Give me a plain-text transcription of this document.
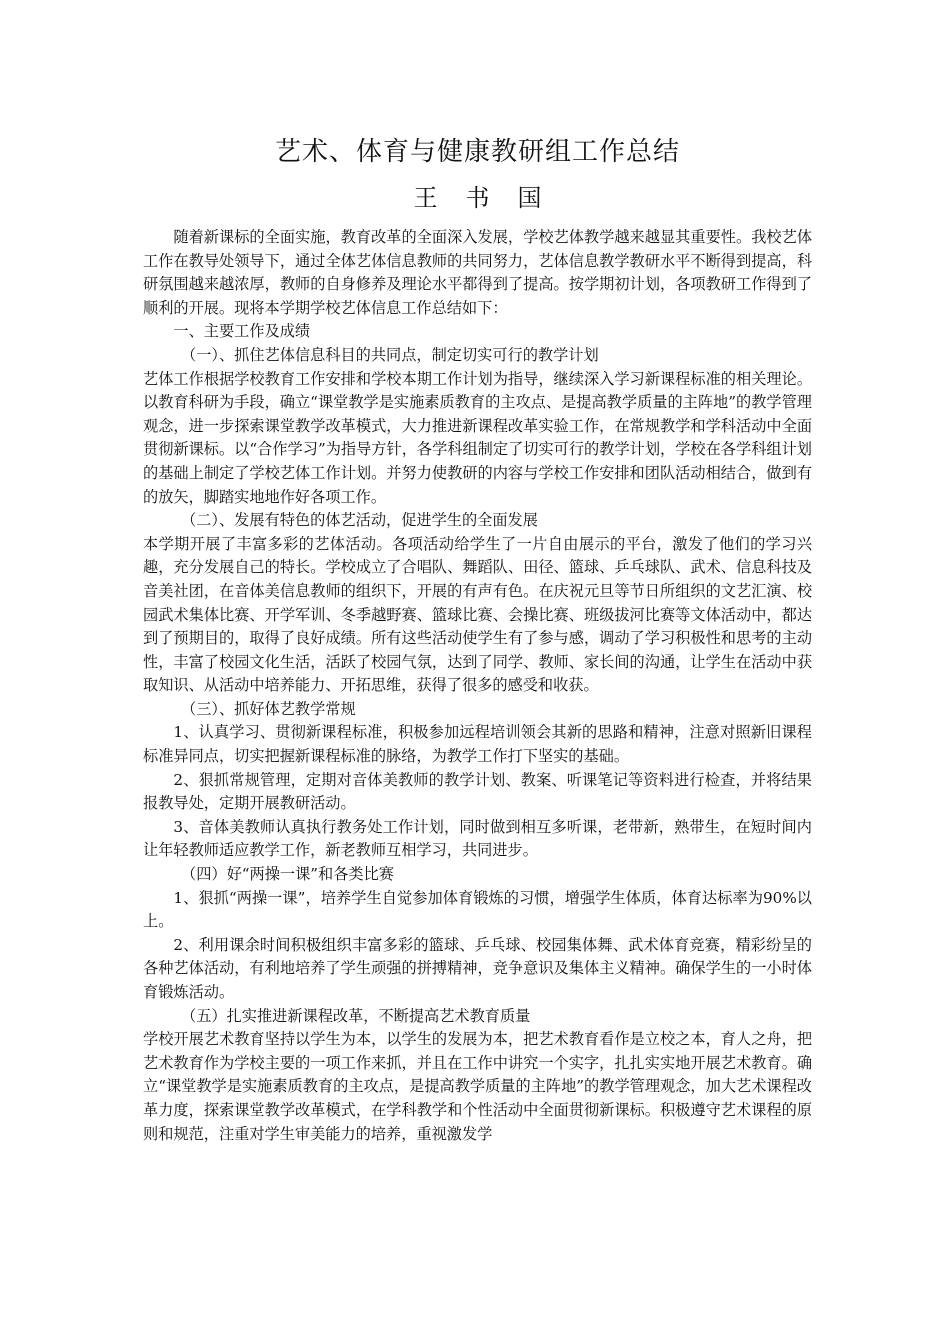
艺术、体育与健康教研组工作总结
王书国

随着新课标的全面实施，教育改革的全面深入发展，学校艺体教学越来越显其重要性。我校艺体工作在教导处领导下，通过全体艺体信息教师的共同努力，艺体信息教学教研水平不断得到提高，科研氛围越来越浓厚，教师的自身修养及理论水平都得到了提高。按学期初计划，各项教研工作得到了顺利的开展。现将本学期学校艺体信息工作总结如下：

一、主要工作及成绩

（一）、抓住艺体信息科目的共同点，制定切实可行的教学计划

艺体工作根据学校教育工作安排和学校本期工作计划为指导，继续深入学习新课程标准的相关理论。以教育科研为手段，确立“课堂教学是实施素质教育的主攻点、是提高教学质量的主阵地”的教学管理观念，进一步探索课堂教学改革模式，大力推进新课程改革实验工作，在常规教学和学科活动中全面贯彻新课标。以“合作学习”为指导方针，各学科组制定了切实可行的教学计划，学校在各学科组计划的基础上制定了学校艺体工作计划。并努力使教研的内容与学校工作安排和团队活动相结合，做到有的放矢，脚踏实地地作好各项工作。

（二）、发展有特色的体艺活动，促进学生的全面发展

本学期开展了丰富多彩的艺体活动。各项活动给学生了一片自由展示的平台，激发了他们的学习兴趣，充分发展自己的特长。学校成立了合唱队、舞蹈队、田径、篮球、乒乓球队、武术、信息科技及音美社团，在音体美信息教师的组织下，开展的有声有色。在庆祝元旦等节日所组织的文艺汇演、校园武术集体比赛、开学军训、冬季越野赛、篮球比赛、会操比赛、班级拔河比赛等文体活动中，都达到了预期目的，取得了良好成绩。所有这些活动使学生有了参与感，调动了学习积极性和思考的主动性，丰富了校园文化生活，活跃了校园气氛，达到了同学、教师、家长间的沟通，让学生在活动中获取知识、从活动中培养能力、开拓思维，获得了很多的感受和收获。

（三）、抓好体艺教学常规

1、认真学习、贯彻新课程标准，积极参加远程培训领会其新的思路和精神，注意对照新旧课程标准异同点，切实把握新课程标准的脉络，为教学工作打下坚实的基础。

2、狠抓常规管理，定期对音体美教师的教学计划、教案、听课笔记等资料进行检查，并将结果报教导处，定期开展教研活动。

3、音体美教师认真执行教务处工作计划，同时做到相互多听课，老带新，熟带生，在短时间内让年轻教师适应教学工作，新老教师互相学习，共同进步。

（四）好“两操一课”和各类比赛

1、狠抓“两操一课”，培养学生自觉参加体育锻炼的习惯，增强学生体质，体育达标率为90%以上。

2、利用课余时间积极组织丰富多彩的篮球、乒乓球、校园集体舞、武术体育竞赛，精彩纷呈的各种艺体活动，有利地培养了学生顽强的拼搏精神，竞争意识及集体主义精神。确保学生的一小时体育锻炼活动。

（五）扎实推进新课程改革，不断提高艺术教育质量

学校开展艺术教育坚持以学生为本，以学生的发展为本，把艺术教育看作是立校之本，育人之舟，把艺术教育作为学校主要的一项工作来抓，并且在工作中讲究一个实字，扎扎实实地开展艺术教育。确立“课堂教学是实施素质教育的主攻点，是提高教学质量的主阵地”的教学管理观念，加大艺术课程改革力度，探索课堂教学改革模式，在学科教学和个性活动中全面贯彻新课标。积极遵守艺术课程的原则和规范，注重对学生审美能力的培养，重视激发学
